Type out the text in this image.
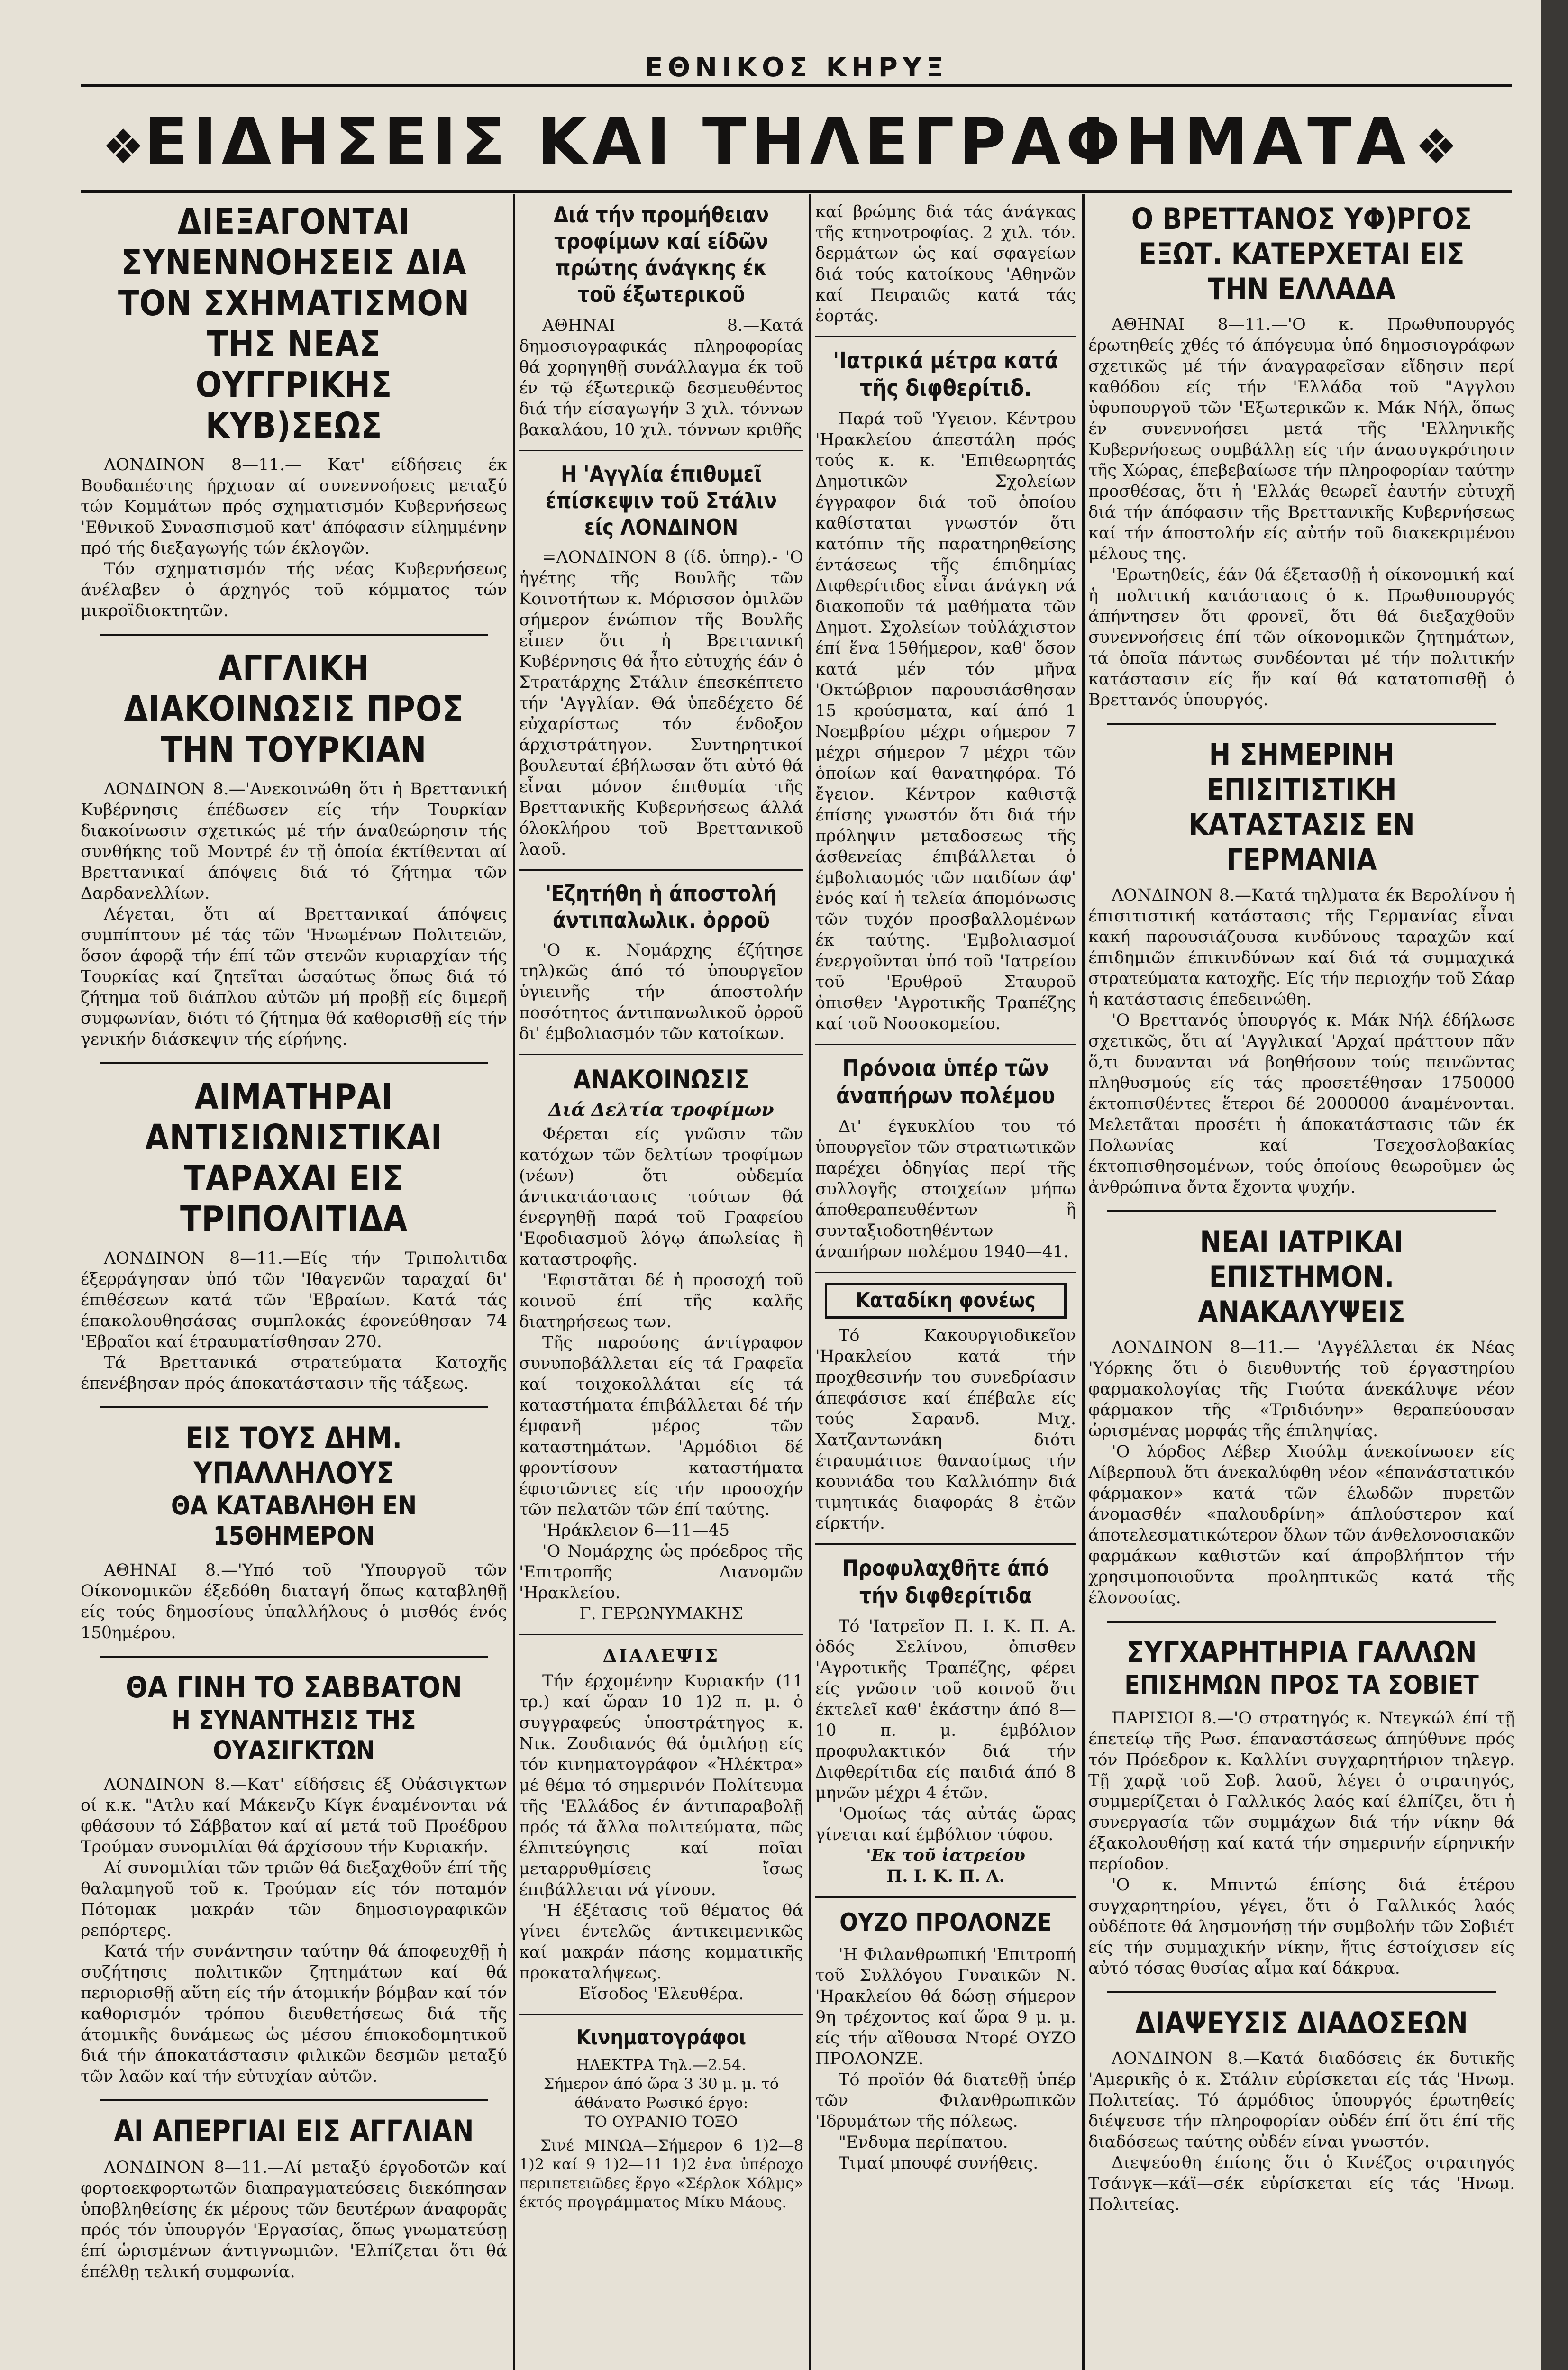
ΕΘΝΙΚΟΣ ΚΗΡΥΞ
❖ ΕΙΔΗΣΕΙΣ ΚΑΙ ΤΗΛΕΓΡΑΦΗΜΑΤΑ ❖
ΔΙΕΞΑΓΟΝΤΑΙ ΣΥΝΕΝΝΟΗΣΕΙΣ ΔΙΑ ΤΟΝ ΣΧΗΜΑΤΙΣΜΟΝ ΤΗΣ ΝΕΑΣ ΟΥΓΓΡΙΚΗΣ ΚΥΒ)ΣΕΩΣ

ΛΟΝΔΙΝΟΝ 8—11.— Κατ' είδήσεις έκ Βουδαπέστης ήρχισαν αί συνεννοήσεις μεταξύ τών Κομμάτων πρός σχηματισμόν Κυβερνήσεως 'Εθνικοῦ Συνασπισμοῦ κατ' άπόφασιν είλημμένην πρό τής διεξαγωγής τών έκλογῶν.

Τόν σχηματισμόν τής νέας Κυβερνήσεως άνέλαβεν ὁ άρχηγός τοῦ κόμματος τών μικροϊδιοκτητῶν.

ΑΓΓΛΙΚΗ ΔΙΑΚΟΙΝΩΣΙΣ ΠΡΟΣ ΤΗΝ ΤΟΥΡΚΙΑΝ

ΛΟΝΔΙΝΟΝ 8.—'Ανεκοινώθη ὅτι ἡ Βρεττανική Κυβέρνησις έπέδωσεν είς τήν Τουρκίαν διακοίνωσιν σχετικώς μέ τήν άναθεώρησιν τής συνθήκης τοῦ Μοντρέ έν τῇ ὁποία έκτίθενται αί Βρεττανικαί άπόψεις διά τό ζήτημα τῶν Δαρδανελλίων.

Λέγεται, ὅτι αί Βρεττανικαί άπόψεις συμπίπτουν μέ τάς τῶν 'Ηνωμένων Πολιτειῶν, ὅσον άφορᾷ τήν έπί τῶν στενῶν κυριαρχίαν τής Τουρκίας καί ζητεῖται ὡσαύτως ὅπως διά τό ζήτημα τοῦ διάπλου αὐτῶν μή προβῇ είς διμερῆ συμφωνίαν, διότι τό ζήτημα θά καθορισθῇ είς τήν γενικήν διάσκεψιν τής είρήνης.

ΑΙΜΑΤΗΡΑΙ ΑΝΤΙΣΙΩΝΙΣΤΙΚΑΙ ΤΑΡΑΧΑΙ ΕΙΣ ΤΡΙΠΟΛΙΤΙΔΑ

ΛΟΝΔΙΝΟΝ 8—11.—Είς τήν Τριπολιτιδα έξερράγησαν ὑπό τῶν 'Ιθαγενῶν ταραχαί δι' έπιθέσεων κατά τῶν 'Εβραίων. Κατά τάς έπακολουθησάσας συμπλοκάς έφονεύθησαν 74 'Εβραῖοι καί έτραυματίσθησαν 270.

Τά Βρεττανικά στρατεύματα Κατοχῆς έπενέβησαν πρός άποκατάστασιν τῆς τάξεως.

ΕΙΣ ΤΟΥΣ ΔΗΜ. ΥΠΑΛΛΗΛΟΥΣ
ΘΑ ΚΑΤΑΒΛΗΘΗ ΕΝ 15ΘΗΜΕΡΟΝ

ΑΘΗΝΑΙ 8.—'Υπό τοῦ 'Υπουργοῦ τῶν Οίκονομικῶν έξεδόθη διαταγή ὅπως καταβληθῇ είς τούς δημοσίους ὑπαλλήλους ὁ μισθός ένός 15θημέρου.

ΘΑ ΓΙΝΗ ΤΟ ΣΑΒΒΑΤΟΝ
Η ΣΥΝΑΝΤΗΣΙΣ ΤΗΣ ΟΥΑΣΙΓΚΤΩΝ

ΛΟΝΔΙΝΟΝ 8.—Κατ' είδήσεις έξ Οὐάσιγκτων οί κ.κ. "Ατλυ καί Μάκενζυ Κίγκ έναμένονται νά φθάσουν τό Σάββατον καί αί μετά τοῦ Προέδρου Τρούμαν συνομιλίαι θά άρχίσουν τήν Κυριακήν.

Αί συνομιλίαι τῶν τριῶν θά διεξαχθοῦν έπί τῆς θαλαμηγοῦ τοῦ κ. Τρούμαν είς τόν ποταμόν Πότομακ μακράν τῶν δημοσιογραφικῶν ρεπόρτερς.

Κατά τήν συνάντησιν ταύτην θά άποφευχθῇ ἡ συζήτησις πολιτικῶν ζητημάτων καί θά περιορισθῇ αὕτη είς τήν άτομικήν βόμβαν καί τόν καθορισμόν τρόπου διευθετήσεως διά τῆς άτομικῆς δυνάμεως ὡς μέσου έπιοκοδομητικοῦ διά τήν άποκατάστασιν φιλικῶν δεσμῶν μεταξύ τῶν λαῶν καί τήν εὐτυχίαν αὐτῶν.

ΑΙ ΑΠΕΡΓΙΑΙ ΕΙΣ ΑΓΓΛΙΑΝ

ΛΟΝΔΙΝΟΝ 8—11.—Αί μεταξύ έργοδοτῶν καί φορτοεκφορτωτῶν διαπραγματεύσεις διεκόπησαν ὑποβληθείσης έκ μέρους τῶν δευτέρων άναφορᾶς πρός τόν ὑπουργόν 'Εργασίας, ὅπως γνωματεύσῃ έπί ὡρισμένων άντιγνωμιῶν. 'Ελπίζεται ὅτι θά έπέλθῃ τελική συμφωνία.

Διά τήν προμήθειαν τροφίμων καί είδῶν πρώτης άνάγκης έκ τοῦ έξωτερικοῦ

ΑΘΗΝΑΙ 8.—Κατά δημοσιογραφικάς πληροφορίας θά χορηγηθῇ συνάλλαγμα έκ τοῦ έν τῷ έξωτερικῷ δεσμευθέντος διά τήν είσαγωγήν 3 χιλ. τόννων βακαλάου, 10 χιλ. τόννων κριθῆς

Η 'Αγγλία έπιθυμεῖ έπίσκεψιν τοῦ Στάλιν είς ΛΟΝΔΙΝΟΝ

=ΛΟΝΔΙΝΟΝ 8 (ίδ. ὑπηρ).- 'Ο ἡγέτης τῆς Βουλῆς τῶν Κοινοτήτων κ. Μόρισσον ὁμιλῶν σήμερον ένώπιον τῆς Βουλῆς εἶπεν ὅτι ἡ Βρεττανική Κυβέρνησις θά ἦτο εὐτυχής έάν ὁ Στρατάρχης Στάλιν έπεσκέπτετο τήν 'Αγγλίαν. Θά ὑπεδέχετο δέ εὐχαρίστως τόν ένδοξον άρχιστράτηγον. Συντηρητικοί βουλευταί έβήλωσαν ὅτι αὐτό θά εἶναι μόνον έπιθυμία τῆς Βρεττανικῆς Κυβερνήσεως άλλά όλοκλήρου τοῦ Βρεττανικοῦ λαοῦ.

'Εζητήθη ἡ άποστολή άντιπαλωλικ. ὀρροῦ

'Ο κ. Νομάρχης έζήτησε τηλ)κῶς άπό τό ὑπουργεῖον ὑγιεινῆς τήν άποστολήν ποσότητος άντιπανωλικοῦ ὀρροῦ δι' έμβολιασμόν τῶν κατοίκων.

ΑΝΑΚΟΙΝΩΣΙΣ
Διά Δελτία τροφίμων

Φέρεται είς γνῶσιν τῶν κατόχων τῶν δελτίων τροφίμων (νέων) ὅτι οὐδεμία άντικατάστασις τούτων θά ένεργηθῇ παρά τοῦ Γραφείου 'Εφοδιασμοῦ λόγῳ άπωλείας ἢ καταστροφῆς.

'Εφιστᾶται δέ ἡ προσοχή τοῦ κοινοῦ έπί τῆς καλῆς διατηρήσεως των.

Τῆς παρούσης άντίγραφον συνυποβάλλεται είς τά Γραφεῖα καί τοιχοκολλάται είς τά καταστήματα έπιβάλλεται δέ τήν έμφανῆ μέρος τῶν καταστημάτων. 'Αρμόδιοι δέ φροντίσουν καταστήματα έφιστῶντες είς τήν προσοχήν τῶν πελατῶν τῶν έπί ταύτης.

'Ηράκλειον 6—11—45

'Ο Νομάρχης ὡς πρόεδρος τῆς 'Επιτροπῆς Διανομῶν 'Ηρακλείου.

Γ. ΓΕΡΩΝΥΜΑΚΗΣ

ΔΙΑΛΕΨΙΣ

Τήν έρχομένην Κυριακήν (11 τρ.) καί ὥραν 10 1)2 π. μ. ὁ συγγραφεύς ὑποστράτηγος κ. Νικ. Ζουδιανός θά ὁμιλήσῃ είς τόν κινηματογράφον «Ἠλέκτρα» μέ θέμα τό σημερινόν Πολίτευμα τῆς 'Ελλάδος έν άντιπαραβολῇ πρός τά ἄλλα πολιτεύματα, πῶς έλπιτεύγησις καί ποῖαι μεταρρυθμίσεις ἴσως έπιβάλλεται νά γίνουν.

'Η έξέτασις τοῦ θέματος θά γίνει έντελῶς άντικειμενικῶς καί μακράν πάσης κομματικῆς προκαταλήψεως.

Εἴσοδος 'Ελευθέρα.

Κινηματογράφοι

ΗΛΕΚΤΡΑ Τηλ.—2.54.

Σήμερον άπό ὥρα 3 30 μ. μ. τό άθάνατο Ρωσικό έργο:

ΤΟ ΟΥΡΑΝΙΟ ΤΟΞΟ

Σινέ ΜΙΝΩΑ—Σήμερον 6 1)2—8 1)2 καί 9 1)2—11 1)2 ἐνα ὑπέροχο περιπετειῶδες ἔργο «Σέρλοκ Χόλμς» έκτός προγράμματος Μίκυ Μάους.

καί βρώμης διά τάς άνάγκας τῆς κτηνοτροφίας. 2 χιλ. τόν. δερμάτων ὡς καί σφαγείων διά τούς κατοίκους 'Αθηνῶν καί Πειραιῶς κατά τάς ἑορτάς.

'Ιατρικά μέτρα κατά τῆς διφθερίτιδ.

Παρά τοῦ 'Υγειον. Κέντρου 'Ηρακλείου άπεστάλη πρός τούς κ. κ. 'Επιθεωρητάς Δημοτικῶν Σχολείων έγγραφον διά τοῦ ὁποίου καθίσταται γνωστόν ὅτι κατόπιν τῆς παρατηρηθείσης έντάσεως τῆς έπιδημίας Διφθερίτιδος εἶναι άνάγκη νά διακοποῦν τά μαθήματα τῶν Δημοτ. Σχολείων τοὐλάχιστον έπί ἕνα 15θήμερον, καθ' ὅσον κατά μέν τόν μῆνα 'Οκτώβριον παρουσιάσθησαν 15 κρούσματα, καί άπό 1 Νοεμβρίου μέχρι σήμερον 7 μέχρι σήμερον 7 μέχρι τῶν ὁποίων καί θανατηφόρα. Τό ἔγειον. Κέντρον καθιστᾷ έπίσης γνωστόν ὅτι διά τήν πρόληψιν μεταδοσεως τῆς άσθενείας έπιβάλλεται ὁ έμβολιασμός τῶν παιδίων άφ' ἑνός καί ἡ τελεία άπομόνωσις τῶν τυχόν προσβαλλομένων έκ ταύτης. 'Εμβολιασμοί ένεργοῦνται ὑπό τοῦ 'Ιατρείου τοῦ 'Ερυθροῦ Σταυροῦ ὀπισθεν 'Αγροτικῆς Τραπέζης καί τοῦ Νοσοκομείου.

Πρόνοια ὑπέρ τῶν άναπήρων πολέμου

Δι' έγκυκλίου του τό ὑπουργεῖον τῶν στρατιωτικῶν παρέχει ὁδηγίας περί τῆς συλλογῆς στοιχείων μήπω άποθεραπευθέντων ἢ συνταξιοδοτηθέντων άναπήρων πολέμου 1940—41.

Καταδίκη φονέως

Τό Κακουργιοδικεῖον 'Ηρακλείου κατά τήν προχθεσινήν του συνεδρίασιν άπεφάσισε καί έπέβαλε είς τούς Σαρανδ. Μιχ. Χατζαντωνάκη διότι έτραυμάτισε θανασίμως τήν κουνιάδα του Καλλιόπην διά τιμητικάς διαφοράς 8 ἐτῶν είρκτήν.

Προφυλαχθῆτε άπό τήν διφθερίτιδα

Τό 'Ιατρεῖον Π. Ι. Κ. Π. Α. ὁδός Σελίνου, ὀπισθεν 'Αγροτικῆς Τραπέζης, φέρει είς γνῶσιν τοῦ κοινοῦ ὅτι έκτελεῖ καθ' ἑκάστην άπό 8—10 π. μ. έμβόλιον προφυλακτικόν διά τήν Διφθερίτιδα είς παιδιά άπό 8 μηνῶν μέχρι 4 έτῶν.

'Ομοίως τάς αὐτάς ὥρας γίνεται καί έμβόλιον τύφου.

'Εκ τοῦ ἰατρείου

Π. Ι. Κ. Π. Α.

ΟΥΖΟ ΠΡΟΛΟΝΖΕ

'Η Φιλανθρωπική 'Επιτροπή τοῦ Συλλόγου Γυναικῶν Ν. 'Ηρακλείου θά δώσῃ σήμερον 9η τρέχοντος καί ὥρα 9 μ. μ. είς τήν αἴθουσα Ντορέ ΟΥΖΟ ΠΡΟΛΟΝΖΕ.

Τό προϊόν θά διατεθῇ ὑπέρ τῶν Φιλανθρωπικῶν 'Ιδρυμάτων τῆς πόλεως.

"Ενδυμα περίπατου.

Τιμαί μπουφέ συνήθεις.

Ο ΒΡΕΤΤΑΝΟΣ ΥΦ)ΡΓΟΣ ΕΞΩΤ. ΚΑΤΕΡΧΕΤΑΙ ΕΙΣ ΤΗΝ ΕΛΛΑΔΑ

ΑΘΗΝΑΙ 8—11.—'Ο κ. Πρωθυπουργός έρωτηθείς χθές τό άπόγευμα ὑπό δημοσιογράφων σχετικῶς μέ τήν άναγραφεῖσαν εἴδησιν περί καθόδου είς τήν 'Ελλάδα τοῦ "Αγγλου ὑφυπουργοῦ τῶν 'Εξωτερικῶν κ. Μάκ Νήλ, ὅπως έν συνεννοήσει μετά τῆς 'Ελληνικῆς Κυβερνήσεως συμβάλλῃ είς τήν άνασυγκρότησιν τῆς Χώρας, έπεβεβαίωσε τήν πληροφορίαν ταύτην προσθέσας, ὅτι ἡ 'Ελλάς θεωρεῖ ἑαυτήν εὐτυχῆ διά τήν άπόφασιν τῆς Βρεττανικῆς Κυβερνήσεως καί τήν άποστολήν είς αὐτήν τοῦ διακεκριμένου μέλους της.

'Ερωτηθείς, έάν θά έξετασθῇ ἡ οίκονομική καί ἡ πολιτική κατάστασις ὁ κ. Πρωθυπουργός άπήντησεν ὅτι φρονεῖ, ὅτι θά διεξαχθοῦν συνεννοήσεις έπί τῶν οίκονομικῶν ζητημάτων, τά ὁποῖα πάντως συνδέονται μέ τήν πολιτικήν κατάστασιν είς ἥν καί θά κατατοπισθῇ ὁ Βρεττανός ὑπουργός.

Η ΣΗΜΕΡΙΝΗ ΕΠΙΣΙΤΙΣΤΙΚΗ ΚΑΤΑΣΤΑΣΙΣ ΕΝ ΓΕΡΜΑΝΙΑ

ΛΟΝΔΙΝΟΝ 8.—Κατά τηλ)ματα έκ Βερολίνου ἡ έπισιτιστική κατάστασις τῆς Γερμανίας εἶναι κακή παρουσιάζουσα κινδύνους ταραχῶν καί έπιδημιῶν έπικινδύνων καί διά τά συμμαχικά στρατεύματα κατοχῆς. Είς τήν περιοχήν τοῦ Σάαρ ἡ κατάστασις έπεδεινώθη.

'Ο Βρεττανός ὑπουργός κ. Μάκ Νήλ έδήλωσε σχετικῶς, ὅτι αί 'Αγγλικαί 'Αρχαί πράττουν πᾶν ὅ,τι δυνανται νά βοηθήσουν τούς πεινῶντας πληθυσμούς είς τάς προσετέθησαν 1750000 έκτοπισθέντες ἕτεροι δέ 2000000 άναμένονται. Μελετᾶται προσέτι ἡ άποκατάστασις τῶν έκ Πολωνίας καί Τσεχοσλοβακίας έκτοπισθησομένων, τούς ὁποίους θεωροῦμεν ὡς ἀνθρώπινα ὄντα ἔχοντα ψυχήν.

ΝΕΑΙ ΙΑΤΡΙΚΑΙ ΕΠΙΣΤΗΜΟΝ. ΑΝΑΚΑΛΥΨΕΙΣ

ΛΟΝΔΙΝΟΝ 8—11.— 'Αγγέλλεται έκ Νέας 'Υόρκης ὅτι ὁ διευθυντής τοῦ έργαστηρίου φαρμακολογίας τῆς Γιούτα άνεκάλυψε νέον φάρμακον τῆς «Τριδιόνην» θεραπεύουσαν ὡρισμένας μορφάς τῆς έπιληψίας.

'Ο λόρδος Λέβερ Χιούλμ άνεκοίνωσεν είς Λίβερπουλ ὅτι άνεκαλύφθη νέον «έπανάστατικόν φάρμακον» κατά τῶν έλωδῶν πυρετῶν άνομασθέν «παλουδρίνη» άπλούστερον καί άποτελεσματικώτερον ὅλων τῶν άνθελονοσιακῶν φαρμάκων καθιστῶν καί άπροβλήπτον τήν χρησιμοποιοῦντα προληπτικῶς κατά τῆς έλονοσίας.

ΣΥΓΧΑΡΗΤΗΡΙΑ ΓΑΛΛΩΝ
ΕΠΙΣΗΜΩΝ ΠΡΟΣ ΤΑ ΣΟΒΙΕΤ

ΠΑΡΙΣΙΟΙ 8.—'Ο στρατηγός κ. Ντεγκώλ έπί τῇ έπετείῳ τῆς Ρωσ. έπαναστάσεως άπηύθυνε πρός τόν Πρόεδρον κ. Καλλίνι συγχαρητήριον τηλεγρ. Τῇ χαρᾷ τοῦ Σοβ. λαοῦ, λέγει ὁ στρατηγός, συμμερίζεται ὁ Γαλλικός λαός καί έλπίζει, ὅτι ἡ συνεργασία τῶν συμμάχων διά τήν νίκην θά έξακολουθήσῃ καί κατά τήν σημερινήν είρηνικήν περίοδον.

'Ο κ. Μπιντώ έπίσης διά ἑτέρου συγχαρητηρίου, γέγει, ὅτι ὁ Γαλλικός λαός οὐδέποτε θά λησμονήσῃ τήν συμβολήν τῶν Σοβιέτ είς τήν συμμαχικήν νίκην, ἥτις έστοίχισεν είς αὐτό τόσας θυσίας αἷμα καί δάκρυα.

ΔΙΑΨΕΥΣΙΣ ΔΙΑΔΟΣΕΩΝ

ΛΟΝΔΙΝΟΝ 8.—Κατά διαδόσεις έκ δυτικῆς 'Αμερικῆς ὁ κ. Στάλιν εὑρίσκεται είς τάς 'Ηνωμ. Πολιτείας. Τό άρμόδιος ὑπουργός έρωτηθείς διέψευσε τήν πληροφορίαν οὐδέν έπί ὅτι έπί τῆς διαδόσεως ταύτης οὐδέν είναι γνωστόν.

Διεψεύσθη έπίσης ὅτι ὁ Κινέζος στρατηγός Τσάνγκ—κάϊ—σέκ εὑρίσκεται είς τάς 'Ηνωμ. Πολιτείας.
